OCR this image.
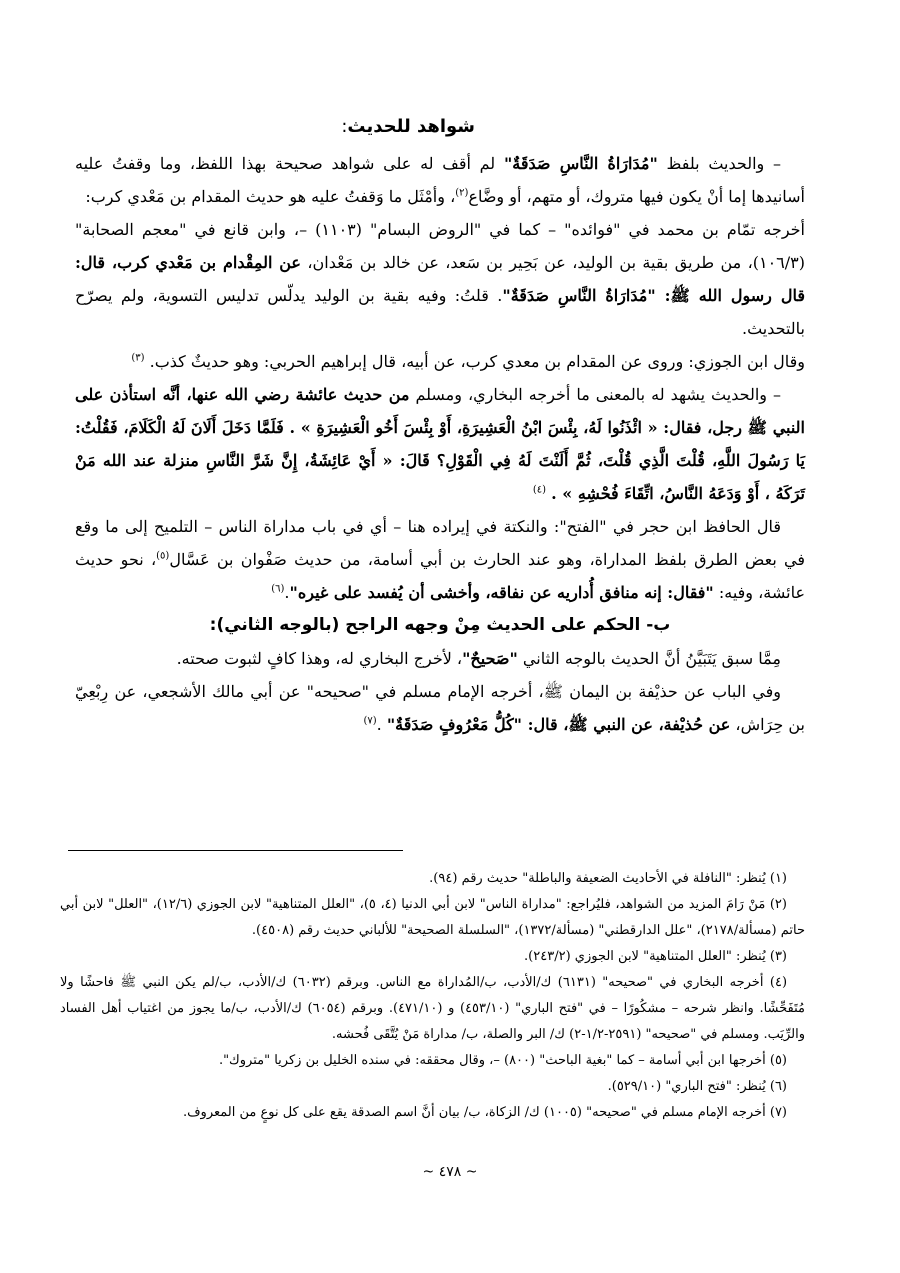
شواهد للحديث:

– والحديث بلفظ "مُدَارَاةُ النَّاسِ صَدَقَةٌ" لم أقف له على شواهد صحيحة بهذا اللفظ، وما وقفتُ عليه أسانيدها إما أنْ يكون فيها متروك، أو متهم، أو وضَّاع$^{(٢)}$، وأمْثَل ما وَقفتُ عليه هو حديث المقدام بن مَعْدي كرب:

أخرجه تمّام بن محمد في "فوائده" – كما في "الروض البسام" (١١٠٣) –، وابن قانع في "معجم الصحابة" (١٠٦/٣)، من طريق بقية بن الوليد، عن بَحِير بن سَعد، عن خالد بن مَعْدان، عن المِقْدام بن مَعْدي كرب، قال: قال رسول الله ﷺ: "مُدَارَاةُ النَّاسِ صَدَقَةٌ". قلتُ: وفيه بقية بن الوليد يدلّس تدليس التسوية، ولم يصرّح بالتحديث.

وقال ابن الجوزي: وروى عن المقدام بن معدي كرب، عن أبيه، قال إبراهيم الحربي: وهو حديثٌ كذب. $^{(٣)}$

– والحديث يشهد له بالمعنى ما أخرجه البخاري، ومسلم من حديث عائشة رضي الله عنها، أنَّه استأذن على النبي ﷺ رجل، فقال: « ائْذَنُوا لَهُ، بِئْسَ ابْنُ الْعَشِيرَةِ، أَوْ بِئْسَ أَخُو الْعَشِيرَةِ » . فَلَمَّا دَخَلَ أَلَانَ لَهُ الْكَلَامَ، فَقُلْتُ: يَا رَسُولَ اللَّهِ، قُلْتَ الَّذِي قُلْتَ، ثُمَّ أَلَنْتَ لَهُ فِي الْقَوْلِ؟ قَالَ: « أَيْ عَائِشَةُ، إِنَّ شَرَّ النَّاسِ منزلة عند الله مَنْ تَرَكَهُ ، أَوْ وَدَعَهُ النَّاسُ، اتِّقَاءَ فُحْشِهِ » . $^{(٤)}$

قال الحافظ ابن حجر في "الفتح": والنكتة في إيراده هنا – أي في باب مداراة الناس – التلميح إلى ما وقع في بعض الطرق بلفظ المداراة، وهو عند الحارث بن أبي أسامة، من حديث صَفْوان بن عَسَّال$^{(٥)}$، نحو حديث عائشة، وفيه: "فقال: إنه منافق أُداريه عن نفاقه، وأخشى أن يُفسد على غيره".$^{(٦)}$

ب- الحكم على الحديث مِنْ وجهه الراجح (بالوجه الثاني):

مِمَّا سبق يَتَبَيَّنُ أنَّ الحديث بالوجه الثاني "صَحيحٌ"، لأخرج البخاري له، وهذا كافٍ لثبوت صحته.

وفي الباب عن حذيْفة بن اليمان ﷺ، أخرجه الإمام مسلم في "صحيحه" عن أبي مالك الأشجعي، عن رِبْعِيّ بن حِرَاش، عن حُذيْفة، عن النبي ﷺ، قال: "كُلُّ مَعْرُوفٍ صَدَقَةٌ" .$^{(٧)}$

(١) يُنظر: "النافلة في الأحاديث الضعيفة والباطلة" حديث رقم (٩٤).

(٢) مَنْ رَامَ المزيد من الشواهد، فليُراجع: "مداراة الناس" لابن أبي الدنيا (٤، ٥)، "العلل المتناهية" لابن الجوزي (١٢/٦)، "العلل" لابن أبي حاتم (مسألة/٢١٧٨)، "علل الدارقطني" (مسألة/١٣٧٢)، "السلسلة الصحيحة" للألباني حديث رقم (٤٥٠٨).

(٣) يُنظر: "العلل المتناهية" لابن الجوزي (٢٤٣/٢).

(٤) أخرجه البخاري في "صحيحه" (٦١٣١) ك/الأدب، ب/المُداراة مع الناس. وبرقم (٦٠٣٢) ك/الأدب، ب/لم يكن النبي ﷺ فاحشًا ولا مُتَفَحِّشًا. وانظر شرحه – مشكُورًا – في "فتح الباري" (٤٥٣/١٠) و (٤٧١/١٠). وبرقم (٦٠٥٤) ك/الأدب، ب/ما يجوز من اغتياب أهل الفساد والرِّيَب. ومسلم في "صحيحه" (٢٥٩١-١/٢-٢) ك/ البر والصلة، ب/ مداراة مَنْ يُتَّقَى فُحشه.

(٥) أخرجها ابن أبي أسامة – كما "بغية الباحث" (٨٠٠) –، وقال محققه: في سنده الخليل بن زكريا "متروك".

(٦) يُنظر: "فتح الباري" (٥٢٩/١٠).

(٧) أخرجه الإمام مسلم في "صحيحه" (١٠٠٥) ك/ الزكاة، ب/ بيان أنَّ اسم الصدقة يقع على كل نوعٍ من المعروف.

~ ٤٧٨ ~
